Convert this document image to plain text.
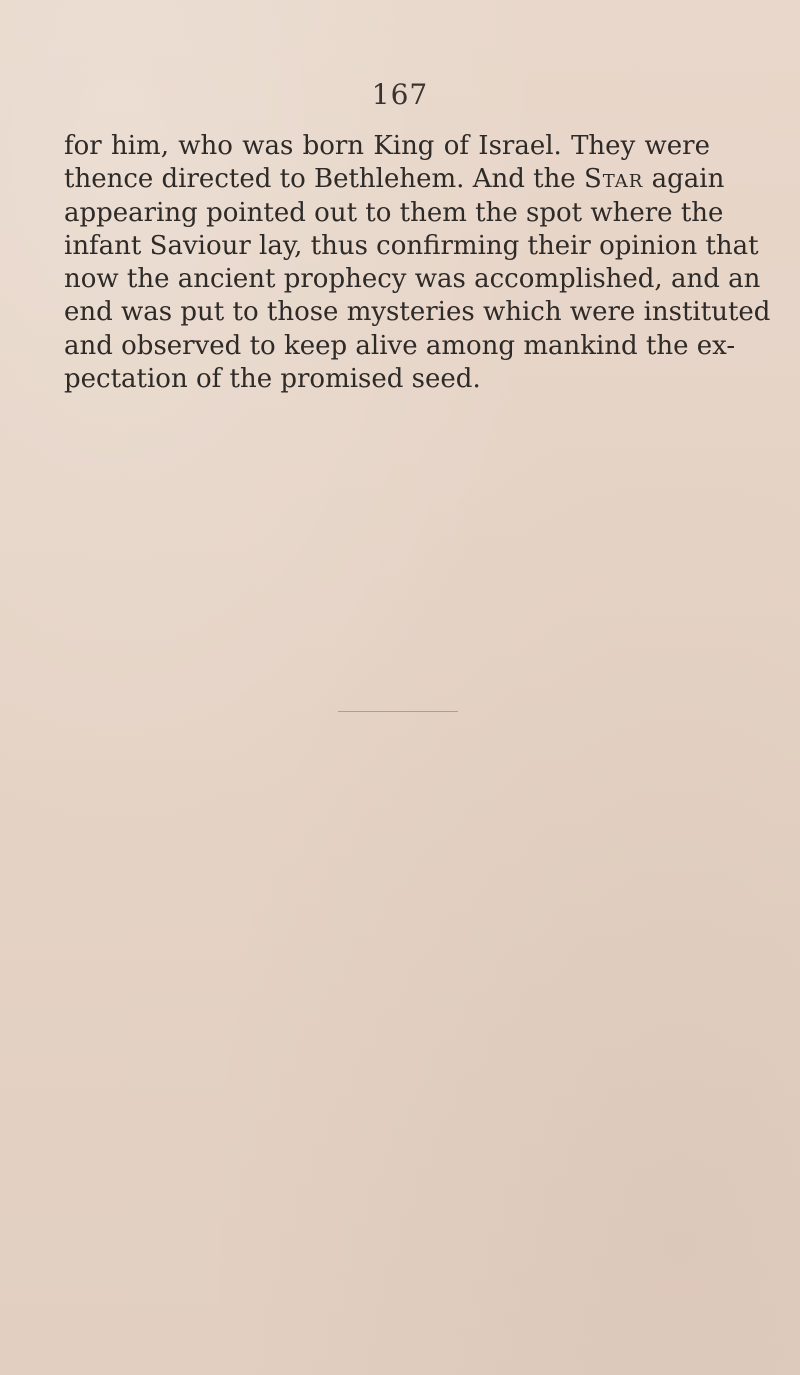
167
for him, who was born King of Israel. They were
thence directed to Bethlehem. And the Star again
appearing pointed out to them the spot where the
infant Saviour lay, thus confirming their opinion that
now the ancient prophecy was accomplished, and an
end was put to those mysteries which were instituted
and observed to keep alive among mankind the ex-
pectation of the promised seed.
